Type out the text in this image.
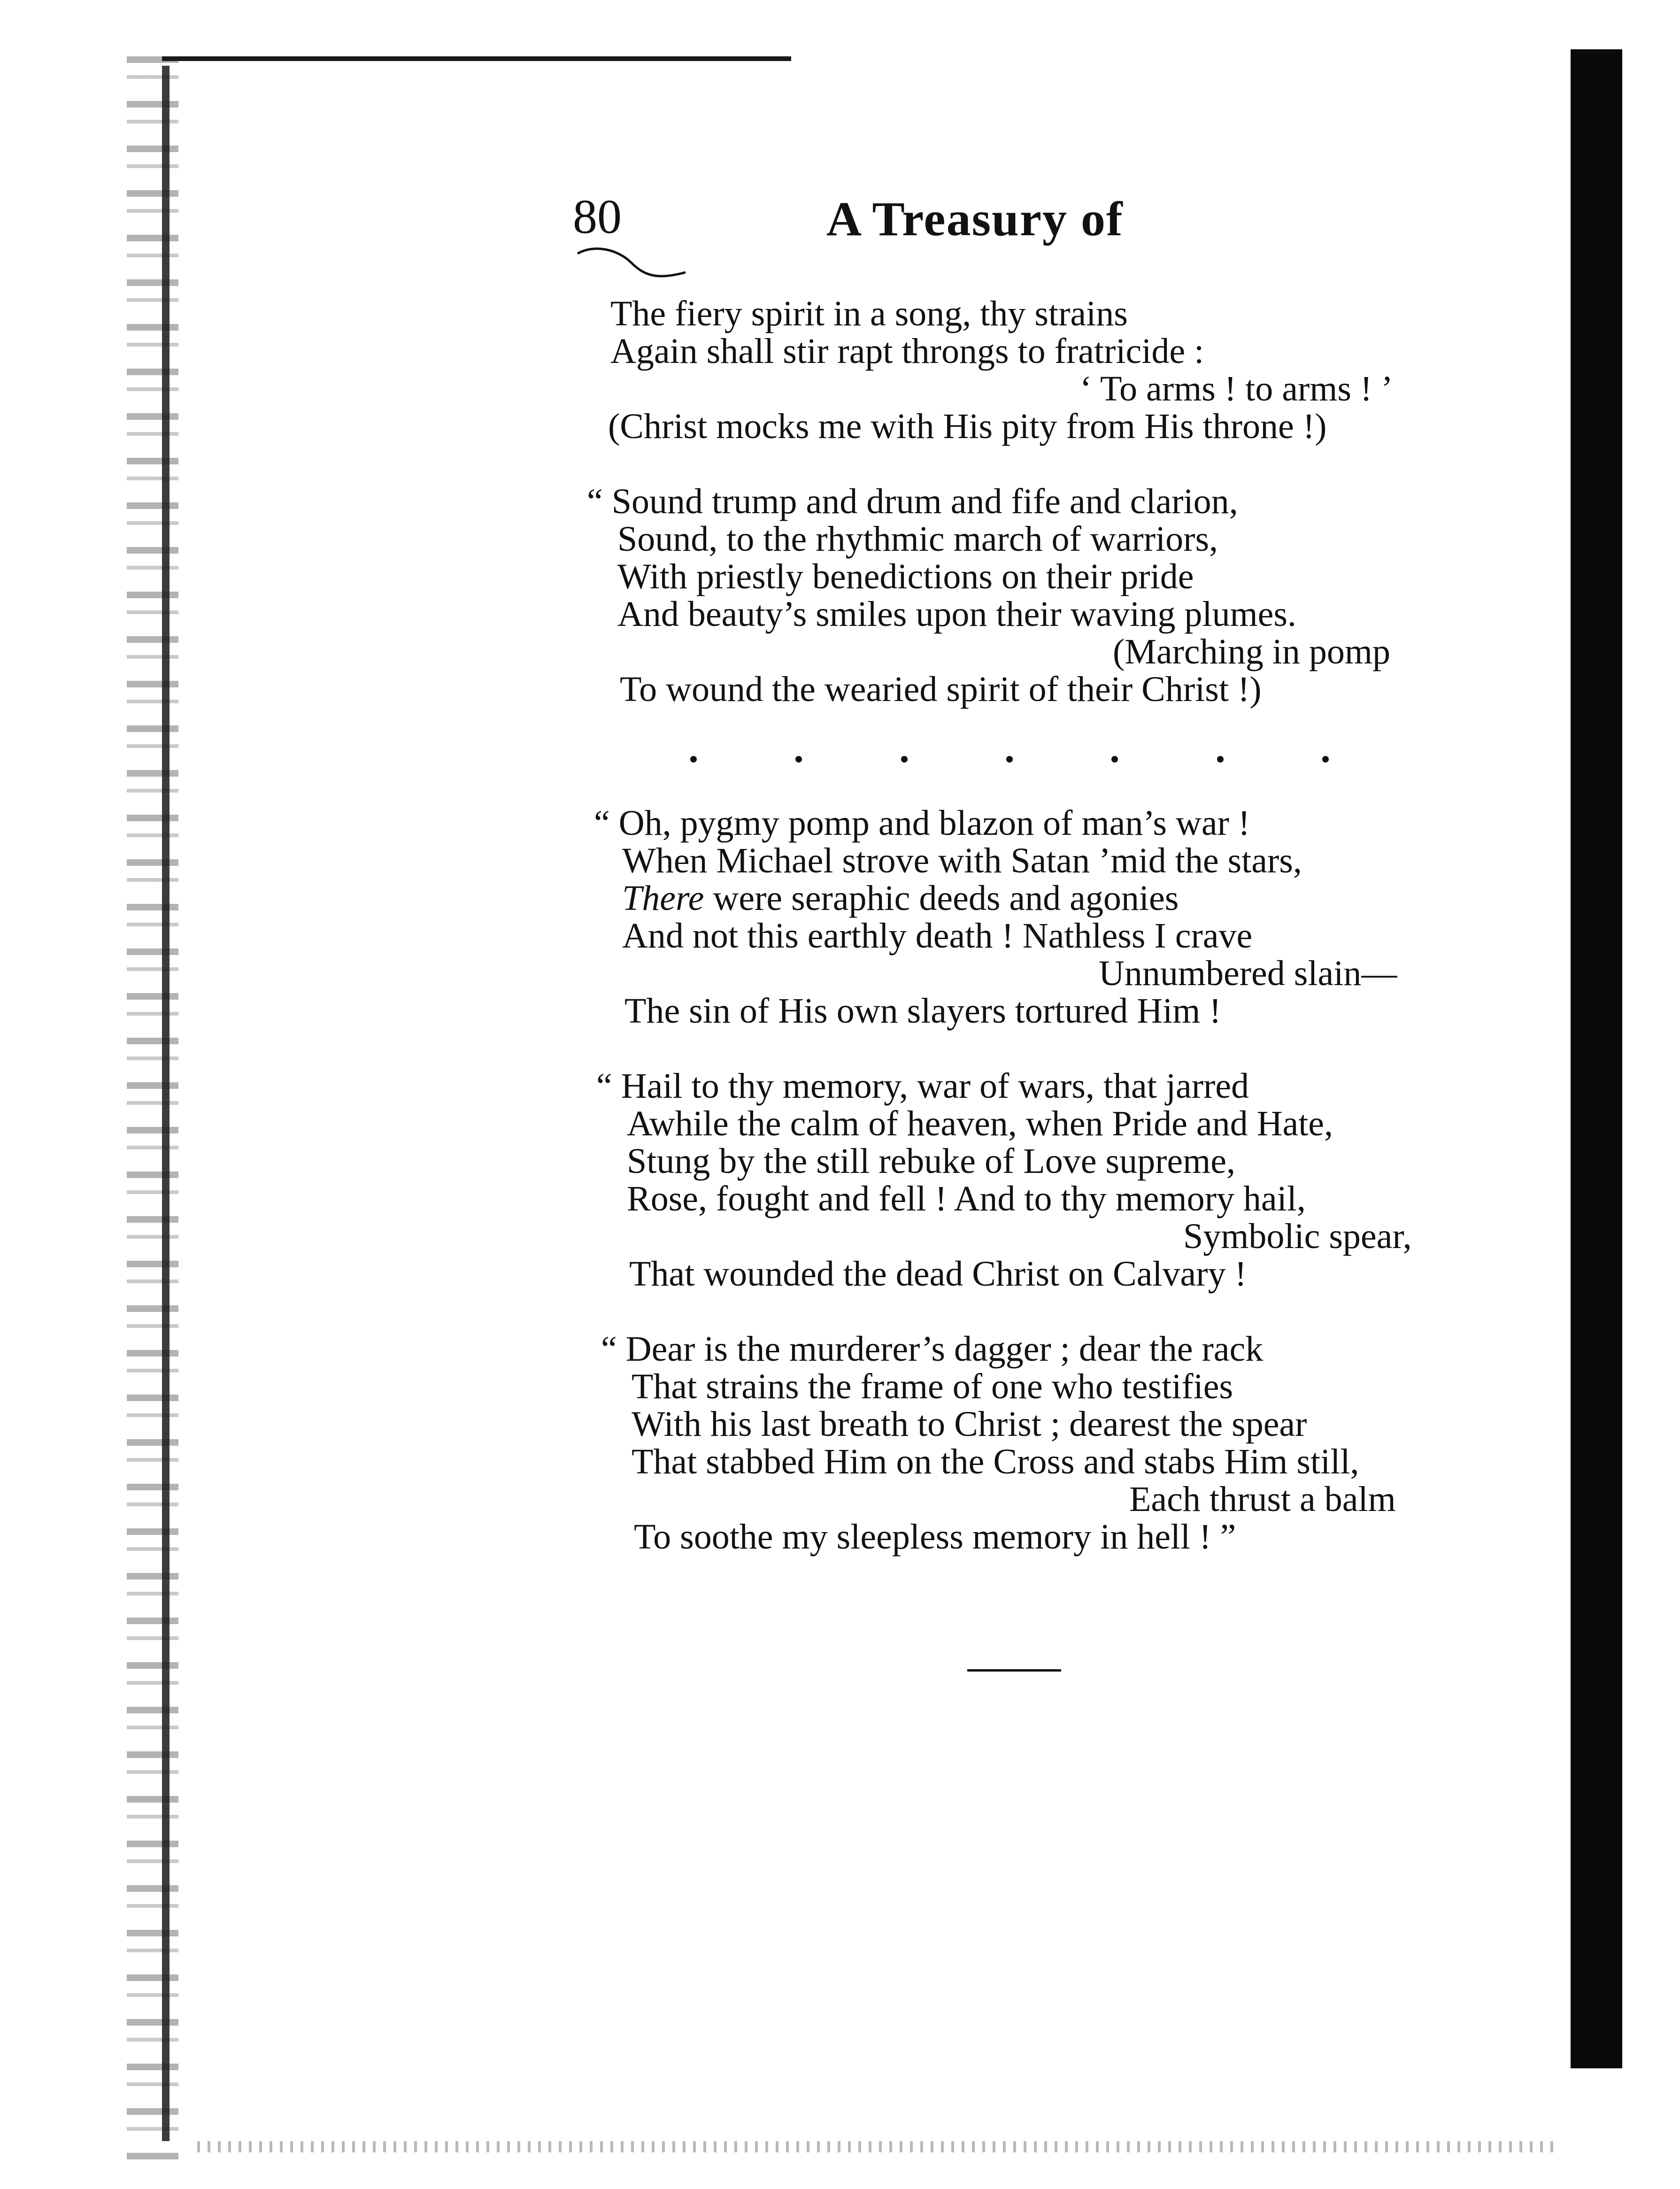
80	A Treasury of
The fiery spirit in a song, thy strains
Again shall stir rapt throngs to fratricide :
‘ To arms ! to arms ! ’
(Christ mocks me with His pity from His throne !)
“ Sound trump and drum and fife and clarion,
Sound, to the rhythmic march of warriors,
With priestly benedictions on their pride
And beauty’s smiles upon their waving plumes.
(Marching in pomp
To wound the wearied spirit of their Christ !)
“ Oh, pygmy pomp and blazon of man’s war !
When Michael strove with Satan ’mid the stars,
There were seraphic deeds and agonies
And not this earthly death ! Nathless I crave
Unnumbered slain—
The sin of His own slayers tortured Him !
“ Hail to thy memory, war of wars, that jarred
Awhile the calm of heaven, when Pride and Hate,
Stung by the still rebuke of Love supreme,
Rose, fought and fell ! And to thy memory hail,
Symbolic spear,
That wounded the dead Christ on Calvary !
“ Dear is the murderer’s dagger ; dear the rack
That strains the frame of one who testifies
With his last breath to Christ ; dearest the spear
That stabbed Him on the Cross and stabs Him still,
Each thrust a balm
To soothe my sleepless memory in hell ! ”
